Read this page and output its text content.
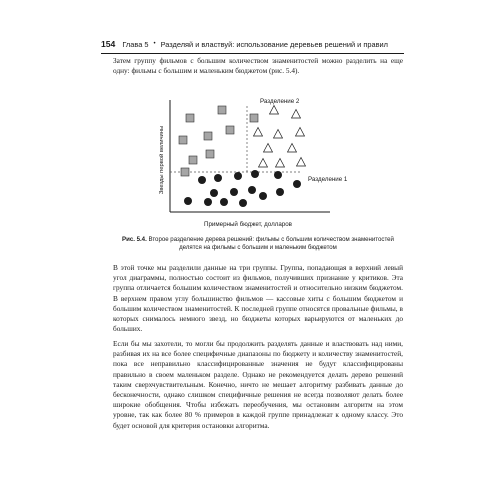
154 Глава 5 • Разделяй и властвуй: использование деревьев решений и правил

Затем группу фильмов с большим количеством знаменитостей можно разделить на еще одну: фильмы с большим и маленьким бюджетом (рис. 5.4).

Разделение 2
Разделение 1
Звезды первой величины
Примерный бюджет, долларов
Рис. 5.4. Второе разделение дерева решений: фильмы с большим количеством знаменитостей делятся на фильмы с большим и маленьким бюджетом

В этой точке мы разделили данные на три группы. Группа, попадающая в верхний левый угол диаграммы, полностью состоит из фильмов, получивших признание у критиков. Эта группа отличается большим количеством знаменитостей и относительно низким бюджетом. В верхнем правом углу большинство фильмов — кассовые хиты с большим бюджетом и большим количеством знаменитостей. К последней группе относятся провальные фильмы, в которых снималось немного звезд, но бюджеты которых варьируются от маленьких до больших.

Если бы мы захотели, то могли бы продолжить разделять данные и властвовать над ними, разбивая их на все более специфичные диапазоны по бюджету и количеству знаменитостей, пока все неправильно классифицированные значения не будут классифицированы правильно в своем маленьком разделе. Однако не рекомендуется делать дерево решений таким сверхчувствительным. Конечно, ничто не мешает алгоритму разбивать данные до бесконечности, однако слишком специфичные решения не всегда позволяют делать более широкие обобщения. Чтобы избежать переобучения, мы остановим алгоритм на этом уровне, так как более 80 % примеров в каждой группе принадлежат к одному классу. Это будет основой для критерия остановки алгоритма.
